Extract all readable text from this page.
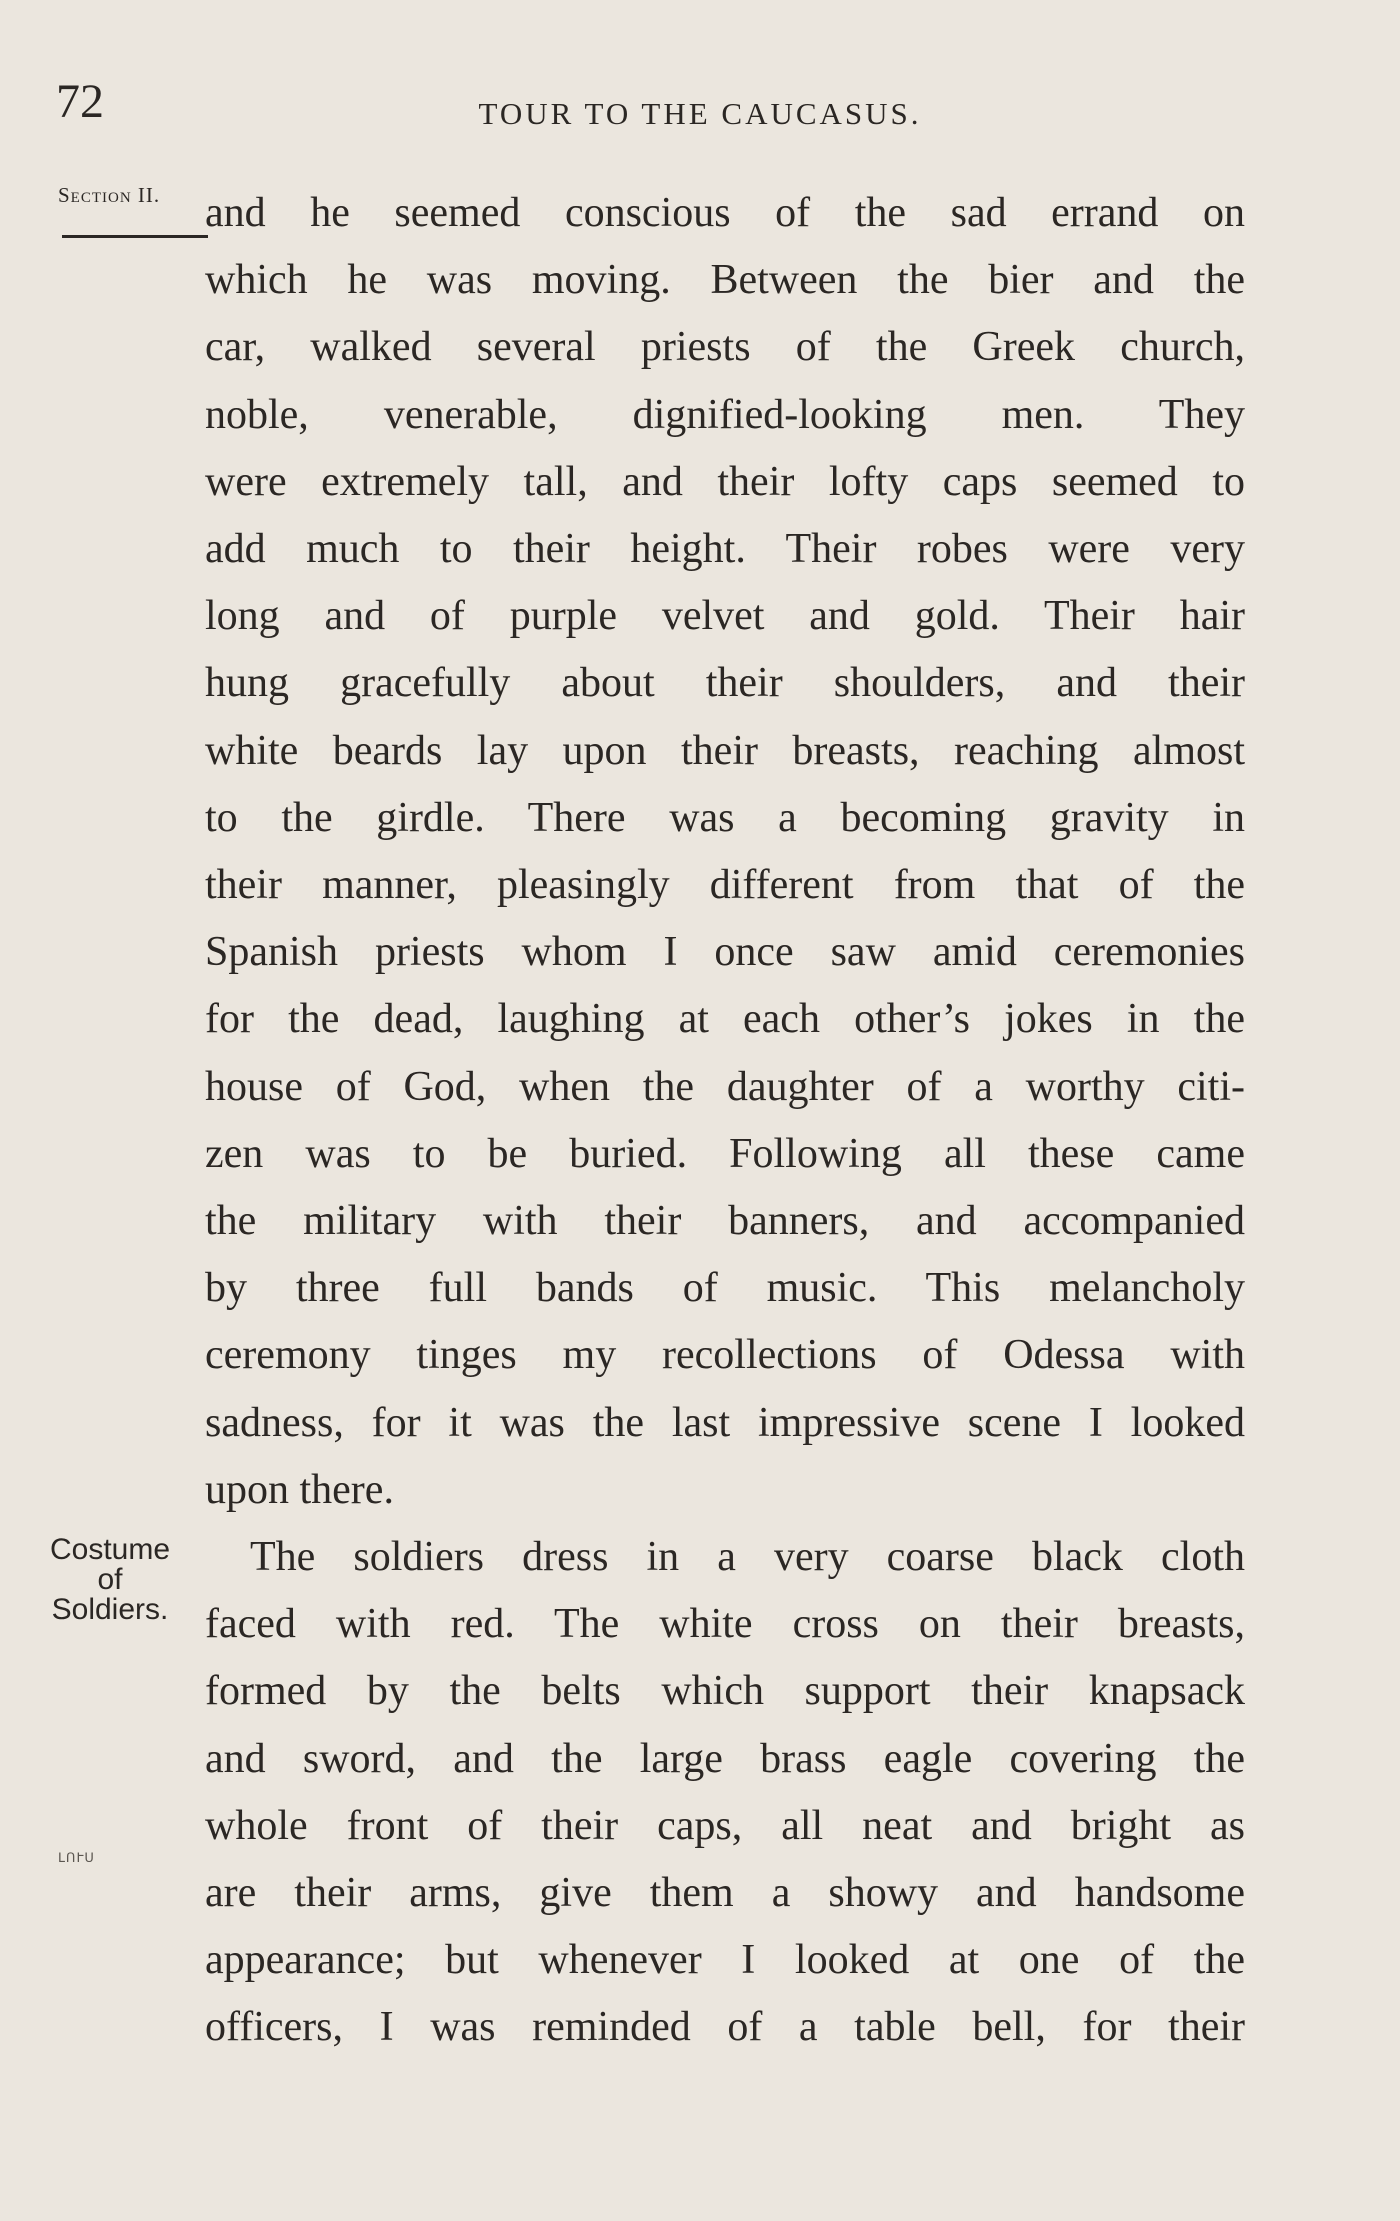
72	TOUR TO THE CAUCASUS.
Section II.
Costume
of
Soldiers.
ԼՈՒՍ
and he seemed conscious of the sad errand on
which he was moving. Between the bier and the
car, walked several priests of the Greek church,
noble, venerable, dignified-looking men. They
were extremely tall, and their lofty caps seemed to
add much to their height. Their robes were very
long and of purple velvet and gold. Their hair
hung gracefully about their shoulders, and their
white beards lay upon their breasts, reaching almost
to the girdle. There was a becoming gravity in
their manner, pleasingly different from that of the
Spanish priests whom I once saw amid ceremonies
for the dead, laughing at each other’s jokes in the
house of God, when the daughter of a worthy citi-
zen was to be buried. Following all these came
the military with their banners, and accompanied
by three full bands of music. This melancholy
ceremony tinges my recollections of Odessa with
sadness, for it was the last impressive scene I looked
upon there.
The soldiers dress in a very coarse black cloth
faced with red. The white cross on their breasts,
formed by the belts which support their knapsack
and sword, and the large brass eagle covering the
whole front of their caps, all neat and bright as
are their arms, give them a showy and handsome
appearance; but whenever I looked at one of the
officers, I was reminded of a table bell, for their
